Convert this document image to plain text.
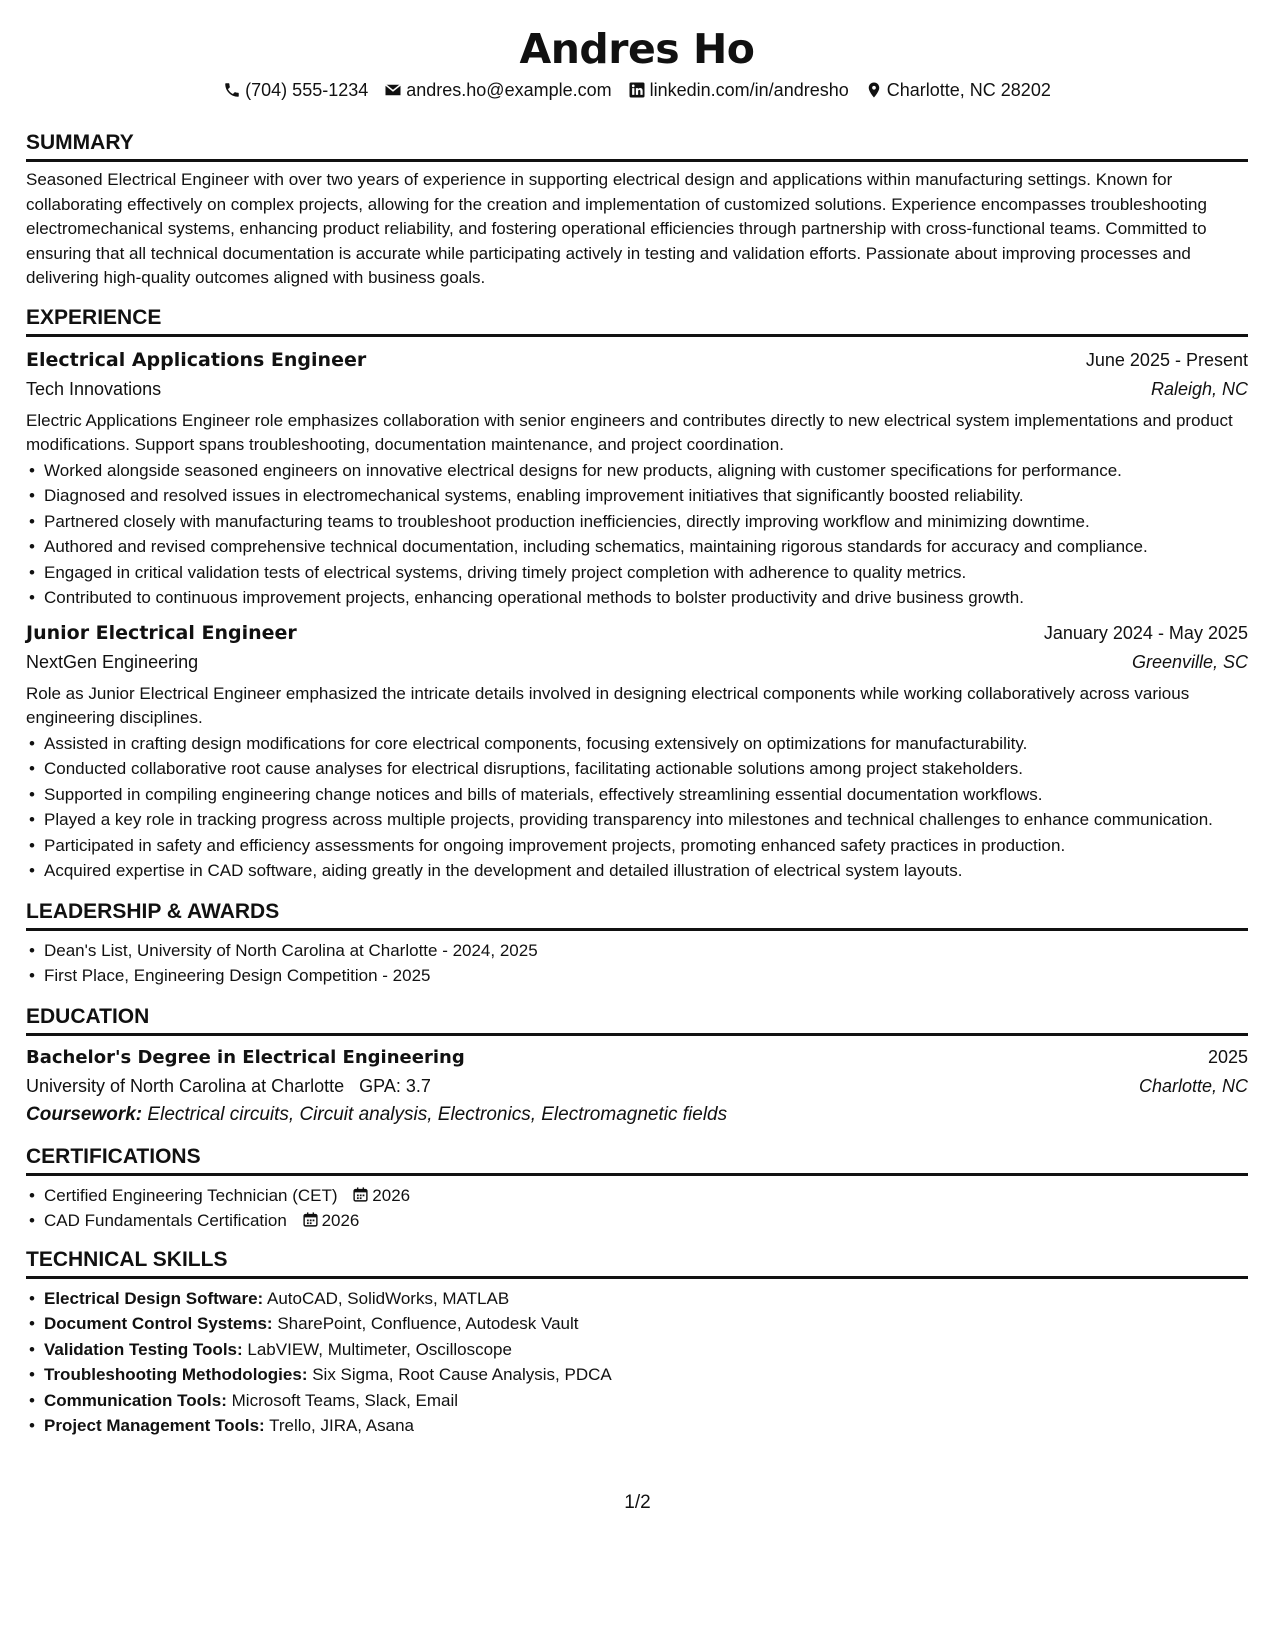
Andres Ho
(704) 555-1234 andres.ho@example.com linkedin.com/in/andresho Charlotte, NC 28202
SUMMARY
Seasoned Electrical Engineer with over two years of experience in supporting electrical design and applications within manufacturing settings. Known for collaborating effectively on complex projects, allowing for the creation and implementation of customized solutions. Experience encompasses troubleshooting electromechanical systems, enhancing product reliability, and fostering operational efficiencies through partnership with cross-functional teams. Committed to ensuring that all technical documentation is accurate while participating actively in testing and validation efforts. Passionate about improving processes and delivering high-quality outcomes aligned with business goals.
EXPERIENCE
Electrical Applications Engineer	June 2025 - Present
Tech Innovations	Raleigh, NC
Electric Applications Engineer role emphasizes collaboration with senior engineers and contributes directly to new electrical system implementations and product modifications. Support spans troubleshooting, documentation maintenance, and project coordination.
• Worked alongside seasoned engineers on innovative electrical designs for new products, aligning with customer specifications for performance.
• Diagnosed and resolved issues in electromechanical systems, enabling improvement initiatives that significantly boosted reliability.
• Partnered closely with manufacturing teams to troubleshoot production inefficiencies, directly improving workflow and minimizing downtime.
• Authored and revised comprehensive technical documentation, including schematics, maintaining rigorous standards for accuracy and compliance.
• Engaged in critical validation tests of electrical systems, driving timely project completion with adherence to quality metrics.
• Contributed to continuous improvement projects, enhancing operational methods to bolster productivity and drive business growth.
Junior Electrical Engineer	January 2024 - May 2025
NextGen Engineering	Greenville, SC
Role as Junior Electrical Engineer emphasized the intricate details involved in designing electrical components while working collaboratively across various engineering disciplines.
• Assisted in crafting design modifications for core electrical components, focusing extensively on optimizations for manufacturability.
• Conducted collaborative root cause analyses for electrical disruptions, facilitating actionable solutions among project stakeholders.
• Supported in compiling engineering change notices and bills of materials, effectively streamlining essential documentation workflows.
• Played a key role in tracking progress across multiple projects, providing transparency into milestones and technical challenges to enhance communication.
• Participated in safety and efficiency assessments for ongoing improvement projects, promoting enhanced safety practices in production.
• Acquired expertise in CAD software, aiding greatly in the development and detailed illustration of electrical system layouts.
LEADERSHIP & AWARDS
• Dean's List, University of North Carolina at Charlotte - 2024, 2025
• First Place, Engineering Design Competition - 2025
EDUCATION
Bachelor's Degree in Electrical Engineering	2025
University of North Carolina at Charlotte GPA: 3.7	Charlotte, NC
Coursework: Electrical circuits, Circuit analysis, Electronics, Electromagnetic fields
CERTIFICATIONS
• Certified Engineering Technician (CET) 2026
• CAD Fundamentals Certification 2026
TECHNICAL SKILLS
• Electrical Design Software: AutoCAD, SolidWorks, MATLAB
• Document Control Systems: SharePoint, Confluence, Autodesk Vault
• Validation Testing Tools: LabVIEW, Multimeter, Oscilloscope
• Troubleshooting Methodologies: Six Sigma, Root Cause Analysis, PDCA
• Communication Tools: Microsoft Teams, Slack, Email
• Project Management Tools: Trello, JIRA, Asana
1/2
